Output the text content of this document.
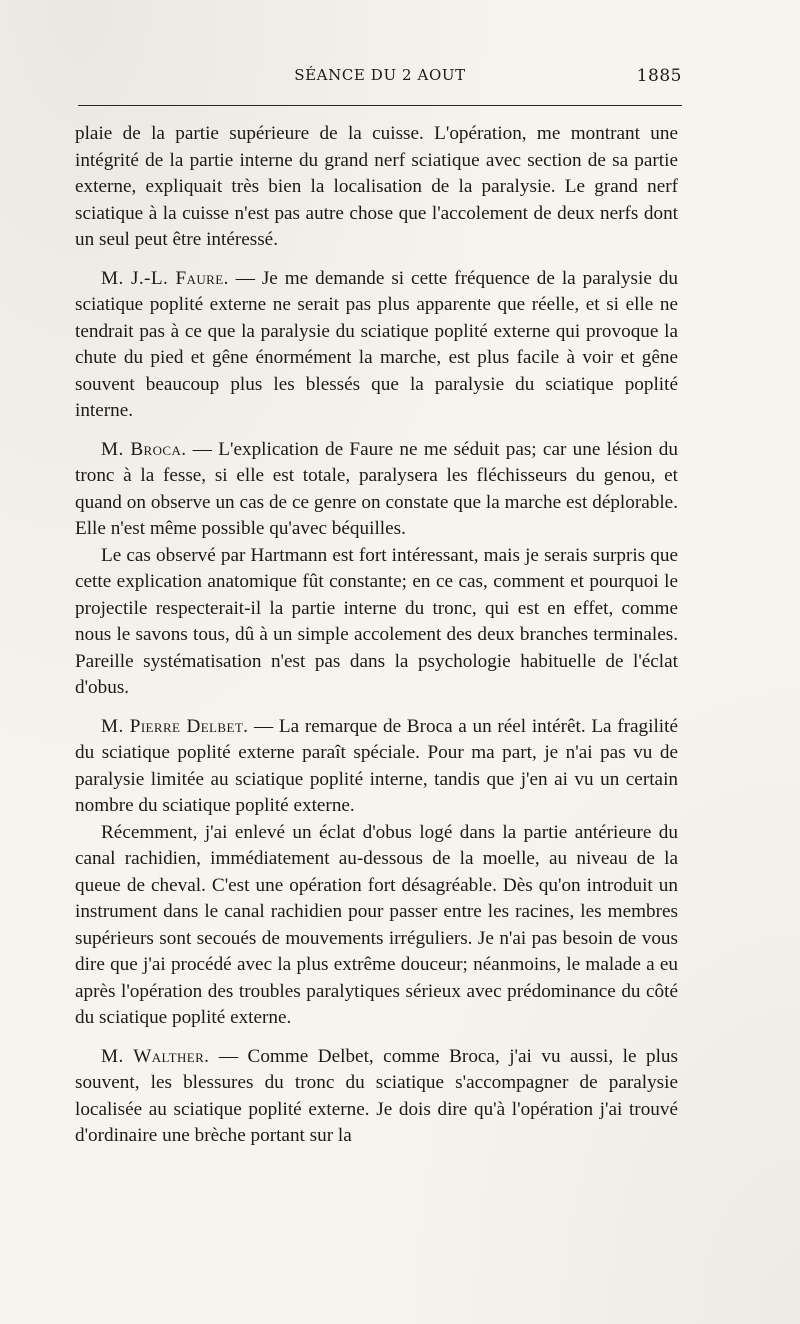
SÉANCE DU 2 AOUT	1885

plaie de la partie supérieure de la cuisse. L'opération, me montrant une intégrité de la partie interne du grand nerf sciatique avec section de sa partie externe, expliquait très bien la localisation de la paralysie. Le grand nerf sciatique à la cuisse n'est pas autre chose que l'accolement de deux nerfs dont un seul peut être intéressé.

M. J.-L. Faure. — Je me demande si cette fréquence de la paralysie du sciatique poplité externe ne serait pas plus apparente que réelle, et si elle ne tendrait pas à ce que la paralysie du sciatique poplité externe qui provoque la chute du pied et gêne énormément la marche, est plus facile à voir et gêne souvent beaucoup plus les blessés que la paralysie du sciatique poplité interne.

M. Broca. — L'explication de Faure ne me séduit pas; car une lésion du tronc à la fesse, si elle est totale, paralysera les fléchisseurs du genou, et quand on observe un cas de ce genre on constate que la marche est déplorable. Elle n'est même possible qu'avec béquilles.

Le cas observé par Hartmann est fort intéressant, mais je serais surpris que cette explication anatomique fût constante; en ce cas, comment et pourquoi le projectile respecterait-il la partie interne du tronc, qui est en effet, comme nous le savons tous, dû à un simple accolement des deux branches terminales. Pareille systématisation n'est pas dans la psychologie habituelle de l'éclat d'obus.

M. Pierre Delbet. — La remarque de Broca a un réel intérêt. La fragilité du sciatique poplité externe paraît spéciale. Pour ma part, je n'ai pas vu de paralysie limitée au sciatique poplité interne, tandis que j'en ai vu un certain nombre du sciatique poplité externe.

Récemment, j'ai enlevé un éclat d'obus logé dans la partie antérieure du canal rachidien, immédiatement au-dessous de la moelle, au niveau de la queue de cheval. C'est une opération fort désagréable. Dès qu'on introduit un instrument dans le canal rachidien pour passer entre les racines, les membres supérieurs sont secoués de mouvements irréguliers. Je n'ai pas besoin de vous dire que j'ai procédé avec la plus extrême douceur; néanmoins, le malade a eu après l'opération des troubles paralytiques sérieux avec prédominance du côté du sciatique poplité externe.

M. Walther. — Comme Delbet, comme Broca, j'ai vu aussi, le plus souvent, les blessures du tronc du sciatique s'accompagner de paralysie localisée au sciatique poplité externe. Je dois dire qu'à l'opération j'ai trouvé d'ordinaire une brèche portant sur la
